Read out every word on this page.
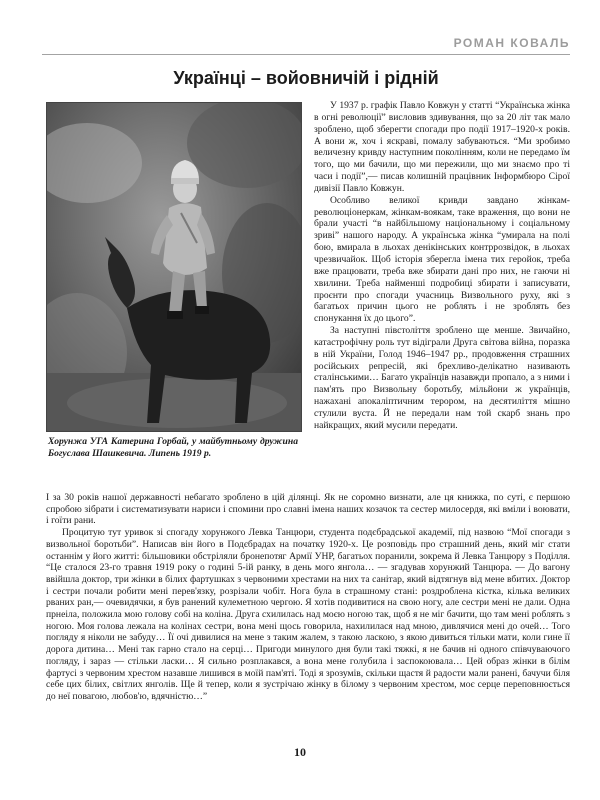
РОМАН КОВАЛЬ
Українці – войовничій і рідній
Хорунжа УГА Катерина Горбай, у майбутньому дружина Богуслава Шашкевича. Липень 1919 р.

У 1937 р. графік Павло Ковжун у статті “Українська жінка в огні революції” висловив здивування, що за 20 літ так мало зроблено, щоб зберегти спогади про події 1917–1920-х років. А вони ж, хоч і яскраві, помалу забуваються. “Ми зробимо величезну кривду наступним поколінням, коли не передамо їм того, що ми бачили, що ми пережили, що ми знаємо про ті часи і події”,— писав колишній працівник Інформбюро Сірої дивізії Павло Ковжун.

Особливо великої кривди завдано жінкам-революціонеркам, жінкам-воякам, таке враження, що вони не брали участі “в найбільшому національному і соціальному зриві” нашого народу. А українська жінка “умирала на полі бою, вмирала в льохах денікінських контррозвідок, в льохах чрезвичайок. Щоб історія зберегла імена тих геройок, треба вже працювати, треба вже збирати дані про них, не гаючи ні хвилини. Треба найменші подробиці збирати і записувати, проєнти про спогади учасниць Визвольного руху, які з багатьох причин цього не роблять і не зроблять без спонукання їх до цього”.

За наступні півстоліття зроблено ще менше. Звичайно, катастрофічну роль тут відіграли Друга світова війна, поразка в ній України, Голод 1946–1947 рр., продовження страшних російських репресій, які брехливо-делікатно називають сталінськими… Багато українців назавжди пропало, а з ними і пам'ять про Визвольну боротьбу, мільйони ж українців, нажахані апокаліптичним терором, на десятиліття мішно стулили вуста. Й не передали нам той скарб знань про найкращих, який мусили передати.

І за 30 років нашої державності небагато зроблено в цій ділянці. Як не соромно визнати, але ця книжка, по суті, є першою спробою зібрати і систематизувати нариси і спомини про славні імена наших козачок та сестер милосердя, які вміли і воювати, і гоїти рани.

Процитую тут уривок зі спогаду хорунжого Левка Танцюри, студента подєбрадської академії, під назвою “Мої спогади з визвольної боротьби”. Написав він його в Подєбрадах на початку 1920-х. Це розповідь про страшний день, який міг стати останнім у його житті: більшовики обстріляли бронепотяг Армії УНР, багатьох поранили, зокрема й Левка Танцюру з Поділля. “Це сталося 23-го травня 1919 року о годині 5-ій ранку, в день мого янгола… — згадував хорунжий Танцюра. — До вагону ввійшла доктор, три жінки в білих фартушках з червоними хрестами на них та санітар, який відтягнув від мене вбитих. Доктор і сестри почали робити мені перев'язку, розрізали чобіт. Нога була в страшному стані: роздроблена кістка, кілька великих рваних ран,— очевидячки, я був ранений кулеметною чергою. Я хотів подивитися на свою ногу, але сестри мені не дали. Одна прнеіла, положила мою голову собі на коліна. Друга схилилась над моєю ногою так, щоб я не міг бачити, що там мені роблять з ногою. Моя голова лежала на колінах сестри, вона мені щось говорила, нахилилася над мною, дивлячися мені до очей… Того погляду я ніколи не забуду… Її очі дивилися на мене з таким жалем, з такою ласкою, з якою дивиться тільки мати, коли гине її дорога дитина… Мені так гарно стало на серці… Пригоди минулого дня були такі тяжкі, я не бачив ні одного співчуваючого погляду, і зараз — стільки ласки… Я сильно розплакався, а вона мене голубила і заспокоювала… Цей образ жінки в білім фартусі з червоним хрестом назавше лишився в моїй пам'яті. Тоді я зрозумів, скільки щастя й радости мали ранені, бачучи біля себе цих білих, світлих янголів. Ще й тепер, коли я зустрічаю жінку в білому з червоним хрестом, моє серце переповнюється до неї повагою, любов'ю, вдячністю…”

10
